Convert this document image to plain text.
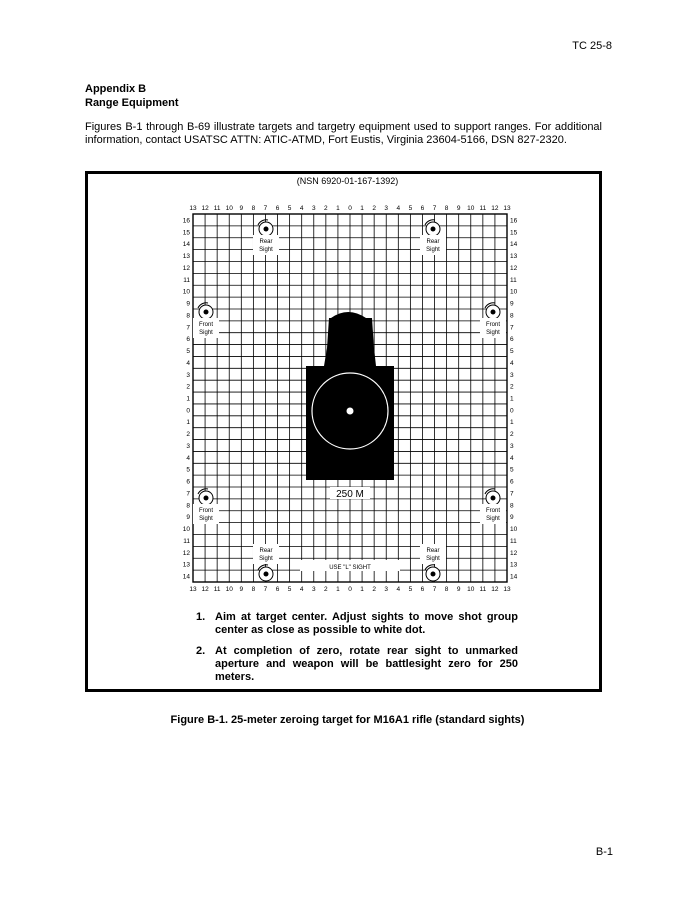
TC 25-8
Appendix B
Range Equipment
Figures B-1 through B-69 illustrate targets and targetry equipment used to support ranges. For additional information, contact USATSC ATTN: ATIC-ATMD, Fort Eustis, Virginia 23604-5166, DSN 827-2320.
(NSN 6920-01-167-1392)
13 12 11 10 9 8 7 6 5 4 3 2 1 0 1 2 3 4 5 6 7 8 9 10 11 12 13
13 12 11 10 9 8 7 6 5 4 3 2 1 0 1 2 3 4 5 6 7 8 9 10 11 12 13
16	16
15	15
14	14
13	13
12	12
11	11
10	10
9	9
8	8
7	7
6	6
5	5
4	4
3	3
2	2
1	1
0	0
1	1
2	2
3	3
4	4
5	5
6	6
7	7
8	8
9	9
10	10
11	11
12	12
13	13
14	14
250 M
USE "L" SIGHT
Rear
Sight
Rear
Sight
Front
Sight
Front
Sight
Front
Sight
Front
Sight
Rear
Sight
Rear
Sight
1. Aim at target center. Adjust sights to move shot group center as close as possible to white dot.
2. At completion of zero, rotate rear sight to unmarked aperture and weapon will be battlesight zero for 250 meters.
Figure B-1. 25-meter zeroing target for M16A1 rifle (standard sights)
B-1
